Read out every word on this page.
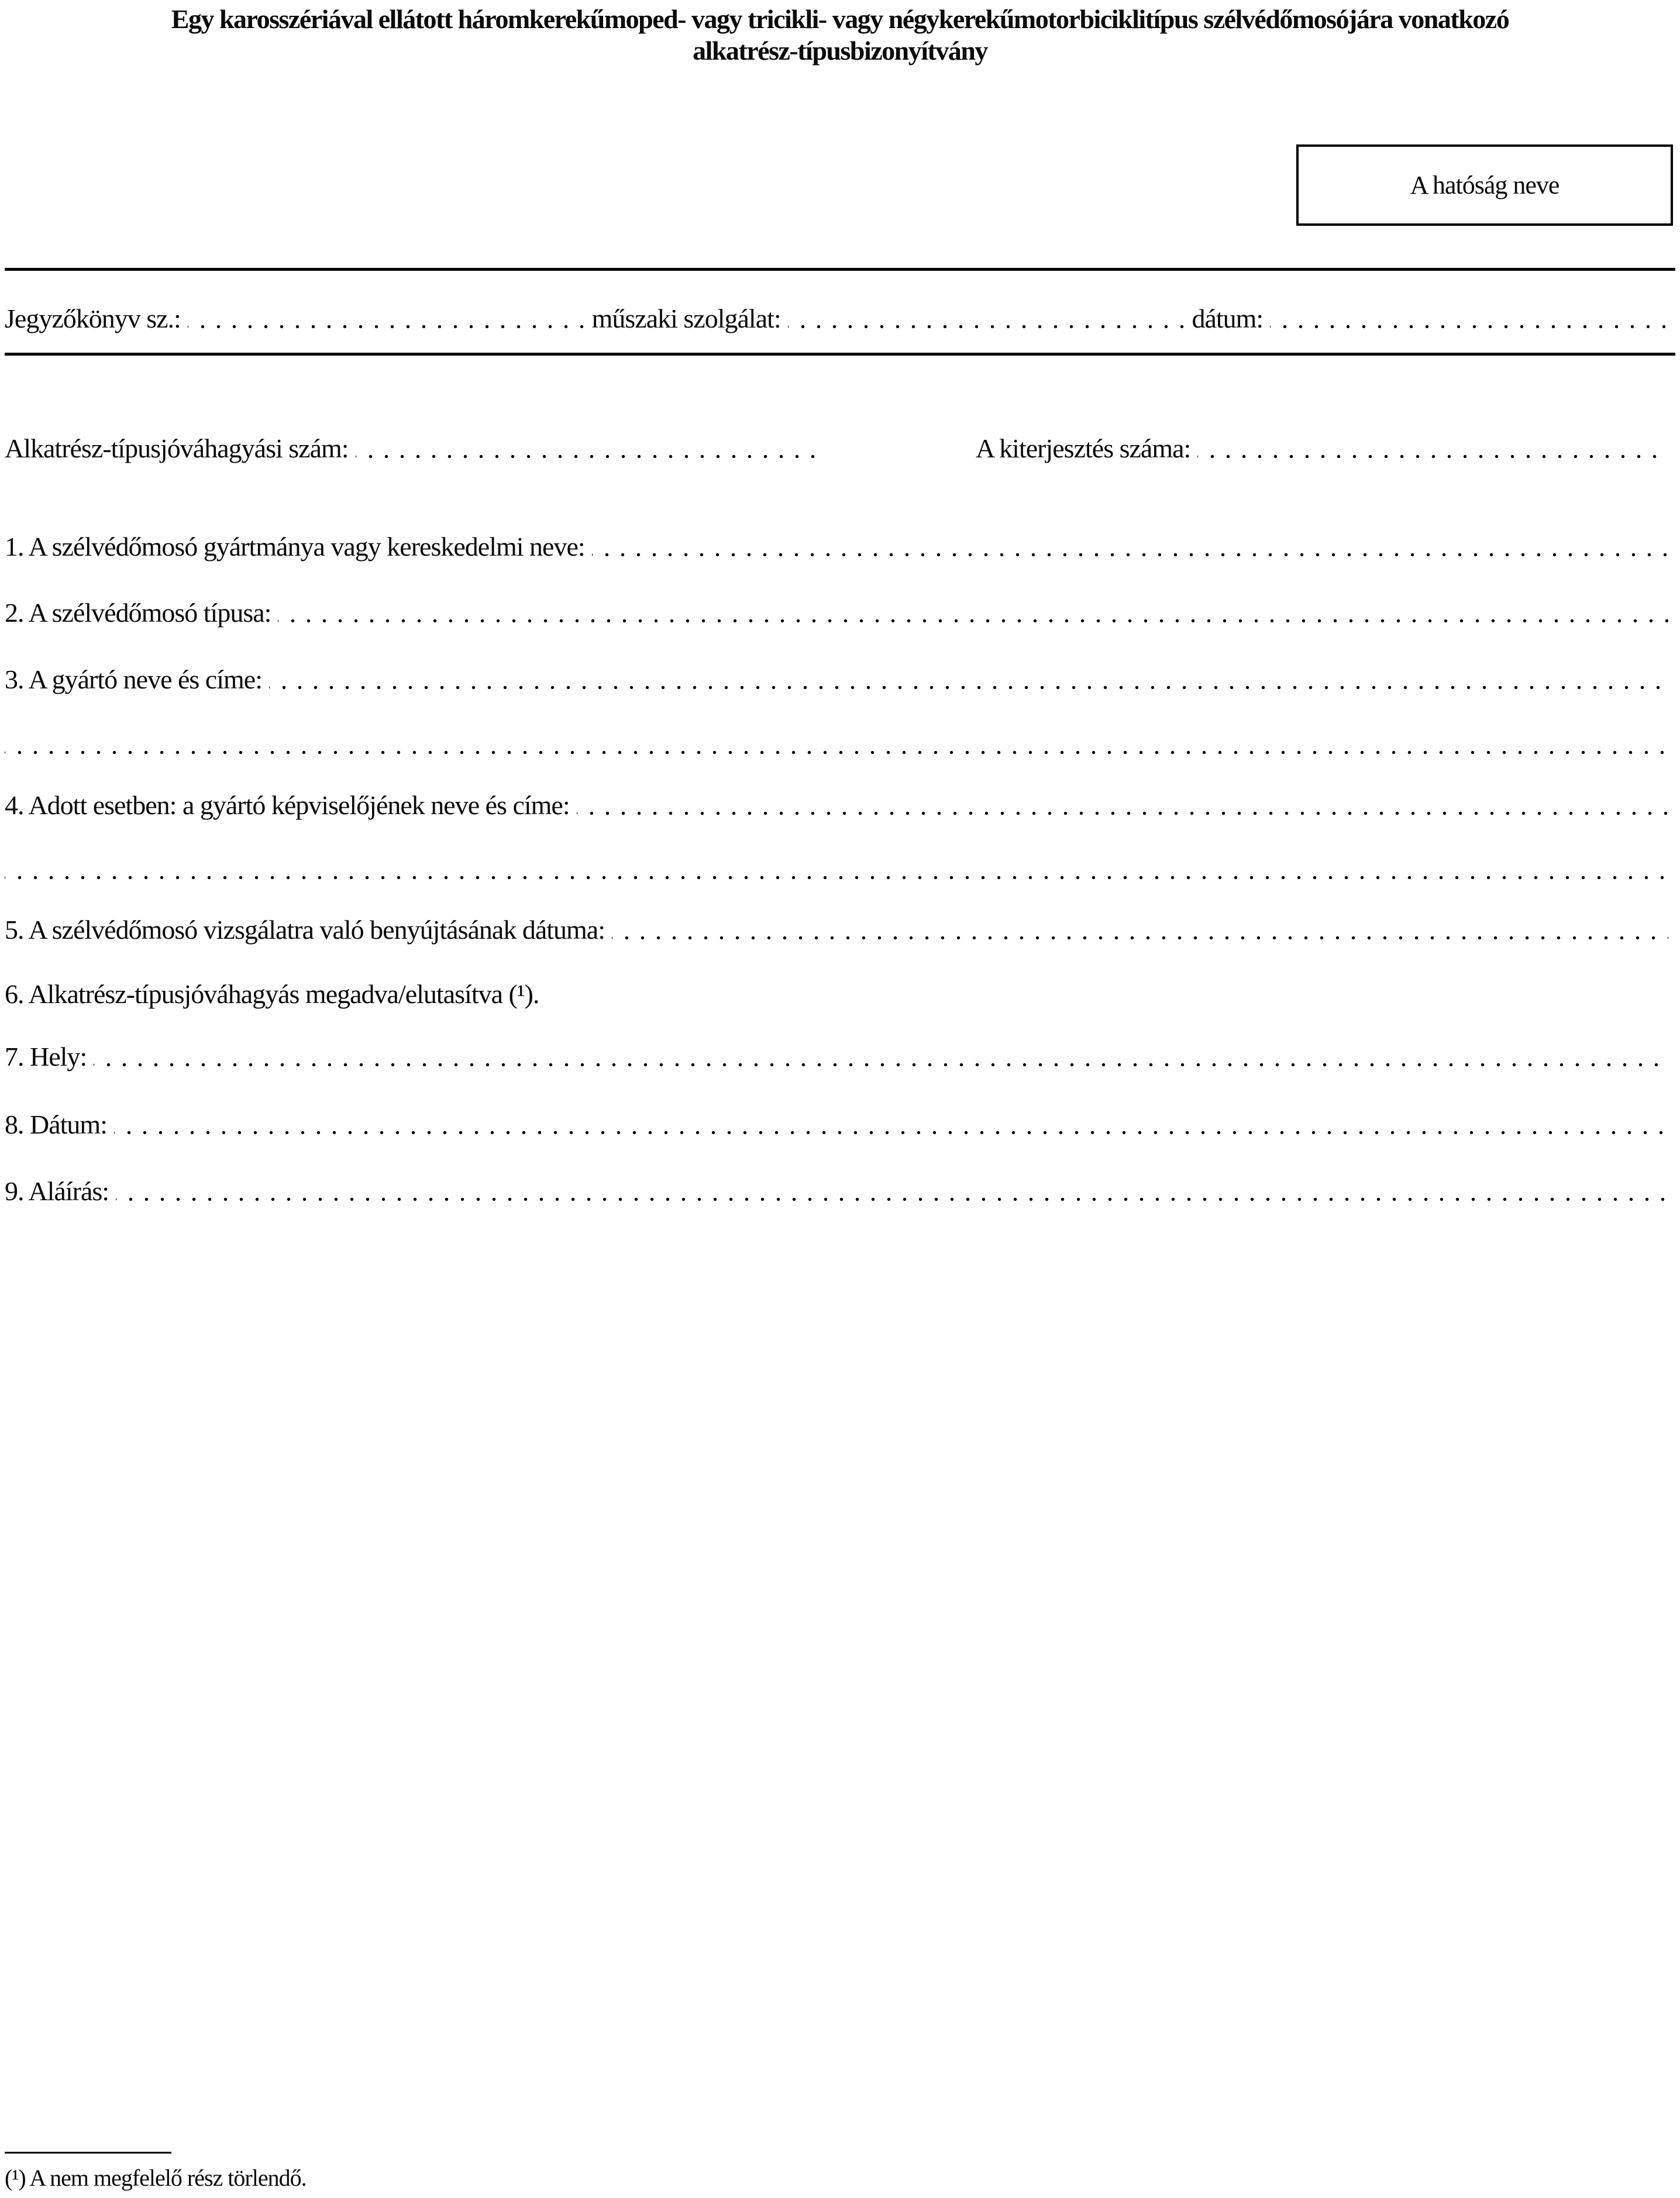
Egy karosszériával ellátott háromkerekűmoped- vagy tricikli- vagy négykerekűmotorbiciklitípus szélvédőmosójára vonatkozó
alkatrész-típusbizonyítvány
A hatóság neve
Jegyzőkönyv sz.:	műszaki szolgálat:	dátum:
Alkatrész-típusjóváhagyási szám:	A kiterjesztés száma:
1. A szélvédőmosó gyártmánya vagy kereskedelmi neve:
2. A szélvédőmosó típusa:
3. A gyártó neve és címe:
4. Adott esetben: a gyártó képviselőjének neve és címe:
5. A szélvédőmosó vizsgálatra való benyújtásának dátuma:
6. Alkatrész-típusjóváhagyás megadva/elutasítva (¹).
7. Hely:
8. Dátum:
9. Aláírás:
(¹) A nem megfelelő rész törlendő.
